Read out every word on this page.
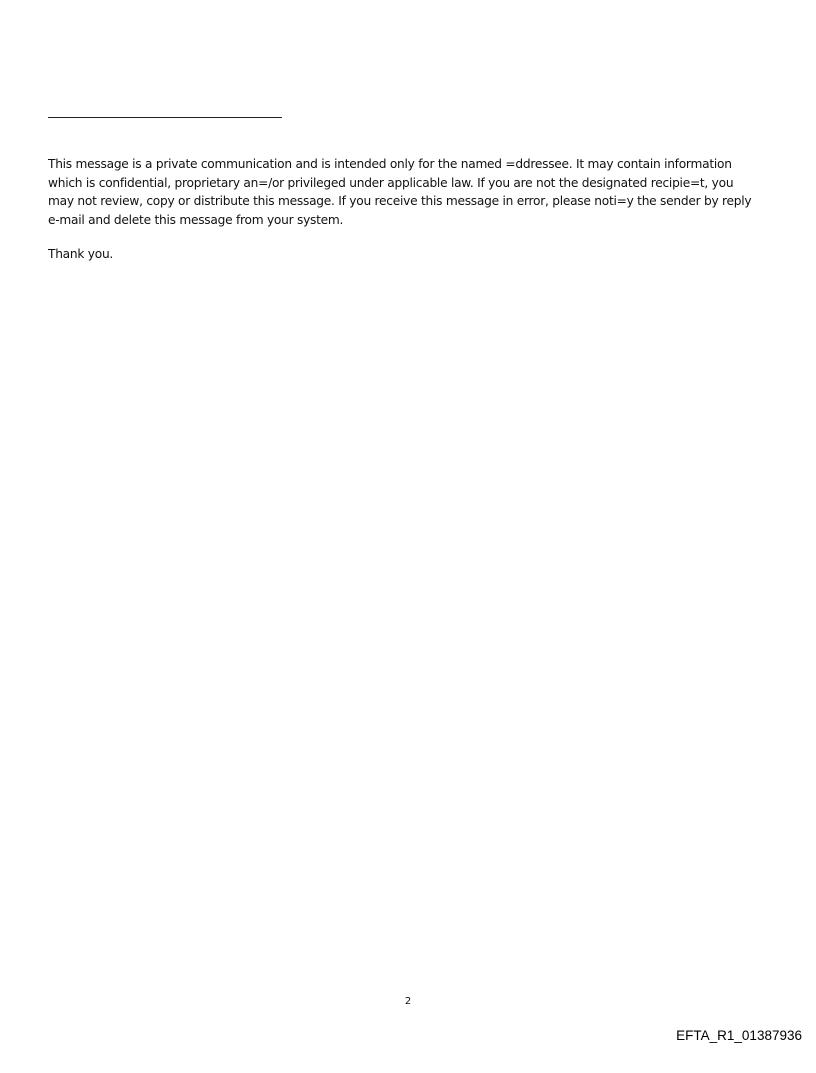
This message is a private communication and is intended only for the named =ddressee. It may contain information
which is confidential, proprietary an=/or privileged under applicable law. If you are not the designated recipie=t, you
may not review, copy or distribute this message. If you receive this message in error, please noti=y the sender by reply
e-mail and delete this message from your system.

Thank you.

2
EFTA_R1_01387936
